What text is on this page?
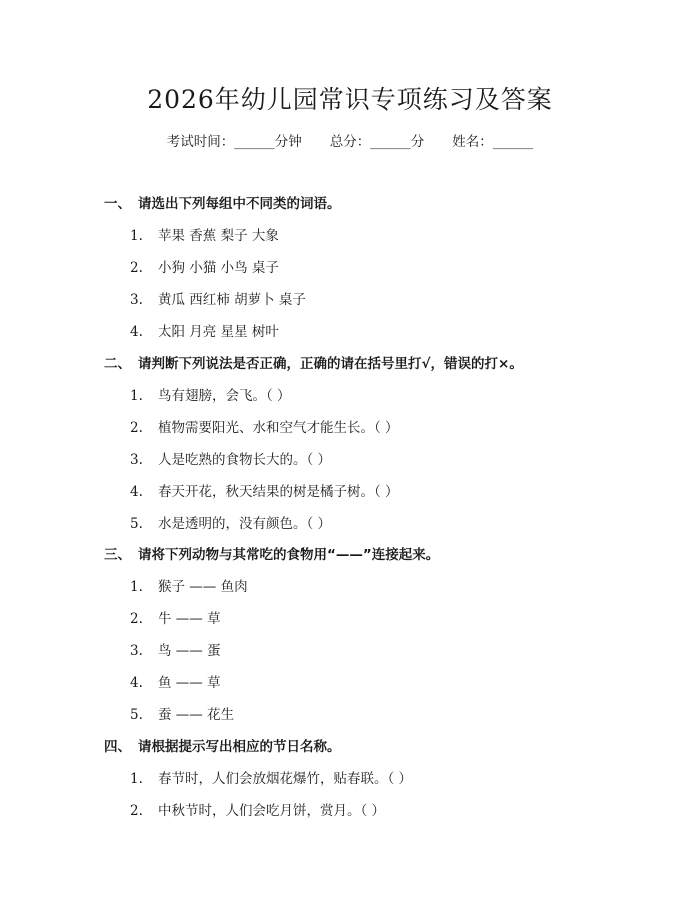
2026年幼儿园常识专项练习及答案
考试时间：______分钟 总分：______分 姓名：______
一、 请选出下列每组中不同类的词语。
1. 苹果 香蕉 梨子 大象
2. 小狗 小猫 小鸟 桌子
3. 黄瓜 西红柿 胡萝卜 桌子
4. 太阳 月亮 星星 树叶
二、 请判断下列说法是否正确，正确的请在括号里打√，错误的打×。
1. 鸟有翅膀，会飞。（ ）
2. 植物需要阳光、水和空气才能生长。（ ）
3. 人是吃熟的食物长大的。（ ）
4. 春天开花，秋天结果的树是橘子树。（ ）
5. 水是透明的，没有颜色。（ ）
三、 请将下列动物与其常吃的食物用“——”连接起来。
1. 猴子 —— 鱼肉
2. 牛 —— 草
3. 鸟 —— 蛋
4. 鱼 —— 草
5. 蚕 —— 花生
四、 请根据提示写出相应的节日名称。
1. 春节时，人们会放烟花爆竹，贴春联。（ ）
2. 中秋节时，人们会吃月饼，赏月。（ ）
